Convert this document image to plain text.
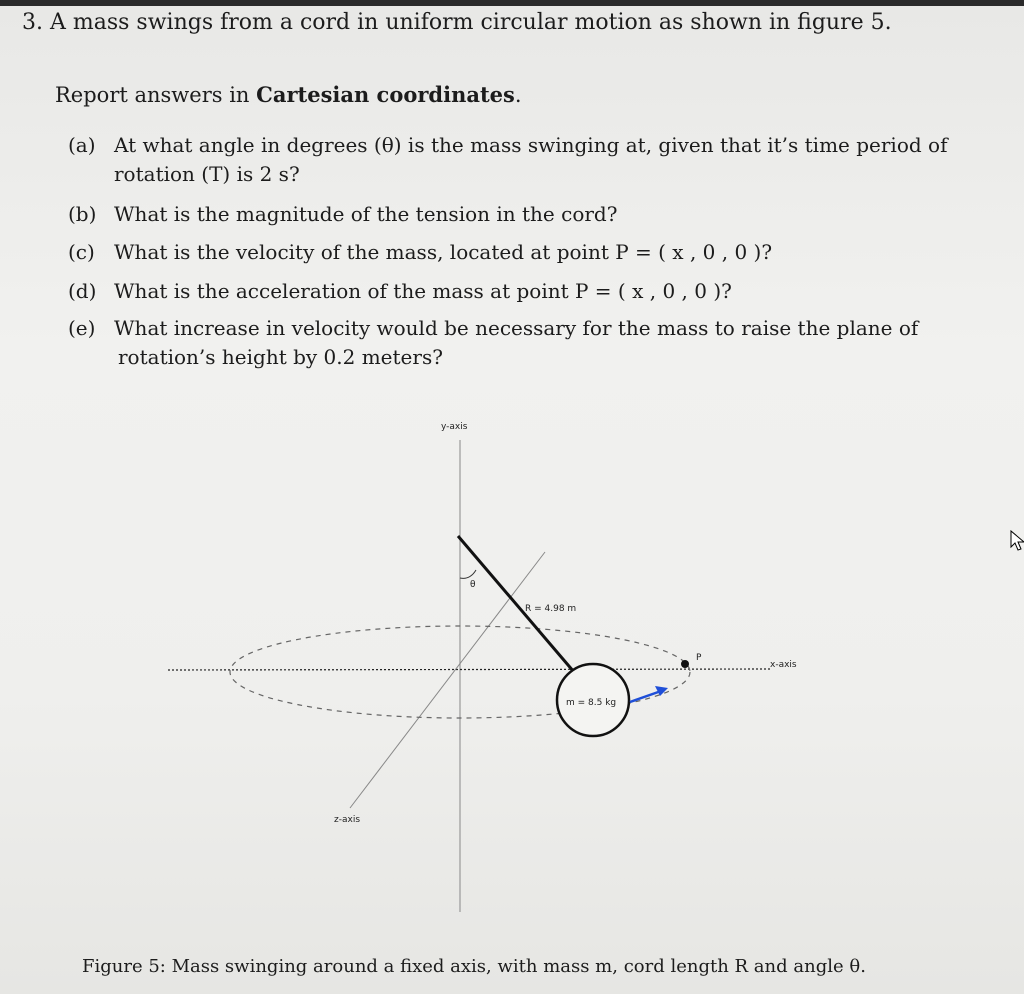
3. A mass swings from a cord in uniform circular motion as shown in figure 5.
Report answers in Cartesian coordinates.
(a) At what angle in degrees (θ) is the mass swinging at, given that it’s time period of
rotation (T) is 2 s?
(b) What is the magnitude of the tension in the cord?
(c) What is the velocity of the mass, located at point P = ( x , 0 , 0 )?
(d) What is the acceleration of the mass at point P = ( x , 0 , 0 )?
(e) What increase in velocity would be necessary for the mass to raise the plane of
rotation’s height by 0.2 meters?
y-axis
x-axis
z-axis
θ
R = 4.98 m
m = 8.5 kg
P
Figure 5: Mass swinging around a fixed axis, with mass m, cord length R and angle θ.
